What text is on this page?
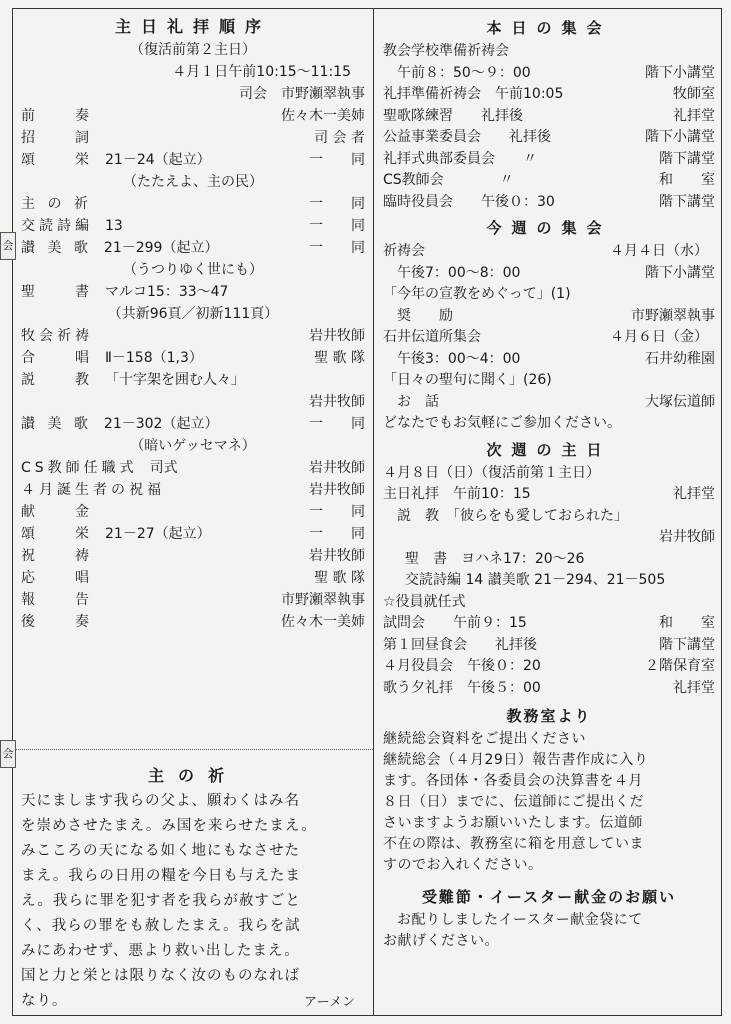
主日礼拝順序
（復活前第２主日）
４月１日午前10:15～11:15
司会　市野瀬翠執事
前　　奏	佐々木一美姉
招　　詞	司 会 者
頌　　栄 21－24（起立）	一　　同
（たたえよ、主の民）
主 の 祈	一　　同
交読詩編 13	一　　同
讃 美 歌 21－299（起立）	一　　同
（うつりゆく世にも）
聖　　書 マルコ15：33～47
（共新96頁／初新111頁）
牧会祈祷	岩井牧師
合　　唱 Ⅱ－158（1,3）	聖 歌 隊
説　　教 「十字架を囲む人々」
岩井牧師
讃 美 歌 21－302（起立）	一　　同
（暗いゲッセマネ）
CS教師任職式 司式	岩井牧師
４月誕生者の祝福	岩井牧師
献　　金	一　　同
頌　　栄 21－27（起立）	一　　同
祝　　祷	岩井牧師
応　　唱	聖 歌 隊
報　　告	市野瀬翠執事
後　　奏	佐々木一美姉
主の祈
天にまします我らの父よ、願わくはみ名
を崇めさせたまえ。み国を来らせたまえ。
みこころの天になる如く地にもなさせた
まえ。我らの日用の糧を今日も与えたま
え。我らに罪を犯す者を我らが赦すごと
く、我らの罪をも赦したまえ。我らを試
みにあわせず、悪より救い出したまえ。
国と力と栄とは限りなく汝のものなれば
なり。	アーメン
本日の集会
教会学校準備祈祷会
午前８：50～９：00	階下小講堂
礼拝準備祈祷会　午前10:05	牧師室
聖歌隊練習　　礼拝後	礼拝堂
公益事業委員会　　礼拝後	階下小講堂
礼拝式典部委員会　　〃	階下講堂
CS教師会　　　　〃	和　　室
臨時役員会　　午後０：30	階下講堂
今週の集会
祈祷会	４月４日（水）　
午後7：00～8：00	階下小講堂
「今年の宣教をめぐって」(1)
奨　　励	市野瀬翠執事
石井伝道所集会	４月６日（金）　
午後3：00～4：00	石井幼稚園
「日々の聖句に聞く」(26)
お　話	大塚伝道師
どなたでもお気軽にご参加ください。
次週の主日
４月８日（日）（復活前第１主日）
主日礼拝　午前10：15	礼拝堂
説　教　「彼らをも愛しておられた」
岩井牧師
聖　書　ヨハネ17：20～26
交読詩編 14 讃美歌 21－294、21－505
☆役員就任式
試問会　　午前９：15	和　　室
第１回昼食会　　礼拝後	階下講堂
４月役員会　午後０：20	２階保育室
歌う夕礼拝　午後５：00	礼拝堂
教務室より
継続総会資料をご提出ください
継続総会（４月29日）報告書作成に入り
ます。各団体・各委員会の決算書を４月
８日（日）までに、伝道師にご提出くだ
さいますようお願いいたします。伝道師
不在の際は、教務室に箱を用意していま
すのでお入れください。
受難節・イースター献金のお願い
お配りしましたイースター献金袋にて
お献げください。
会
会
